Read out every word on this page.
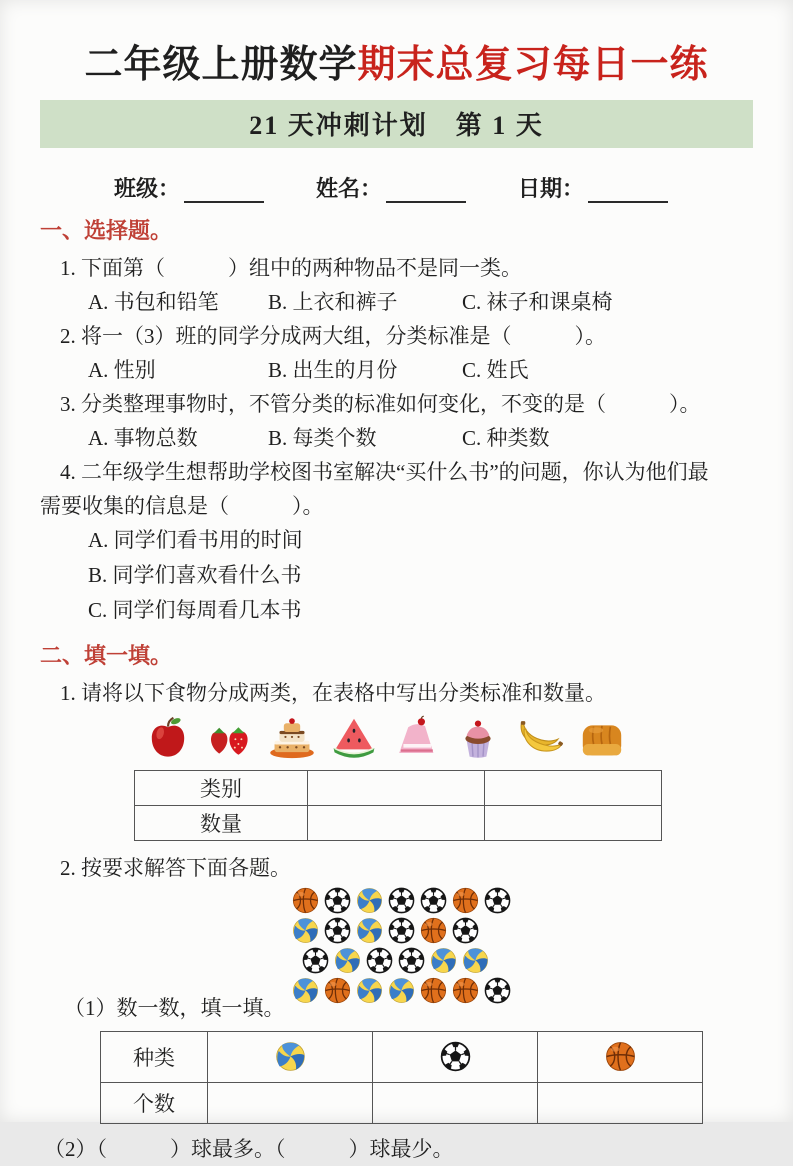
二年级上册数学期末总复习每日一练
21 天冲刺计划　第 1 天
班级：	姓名：	日期：
一、选择题。
1. 下面第（　　　）组中的两种物品不是同一类。
A. 书包和铅笔	B. 上衣和裤子	C. 袜子和课桌椅
2. 将一（3）班的同学分成两大组，分类标准是（　　　）。
A. 性别	B. 出生的月份	C. 姓氏
3. 分类整理事物时，不管分类的标准如何变化，不变的是（　　　）。
A. 事物总数	B. 每类个数	C. 种类数
4. 二年级学生想帮助学校图书室解决“买什么书”的问题，你认为他们最
需要收集的信息是（　　　）。
A. 同学们看书用的时间
B. 同学们喜欢看什么书
C. 同学们每周看几本书
二、填一填。
1. 请将以下食物分成两类，在表格中写出分类标准和数量。
类别		
数量		
2. 按要求解答下面各题。
（1）数一数，填一填。
种类			
个数			
（2）（　　　）球最多。（　　　）球最少。
